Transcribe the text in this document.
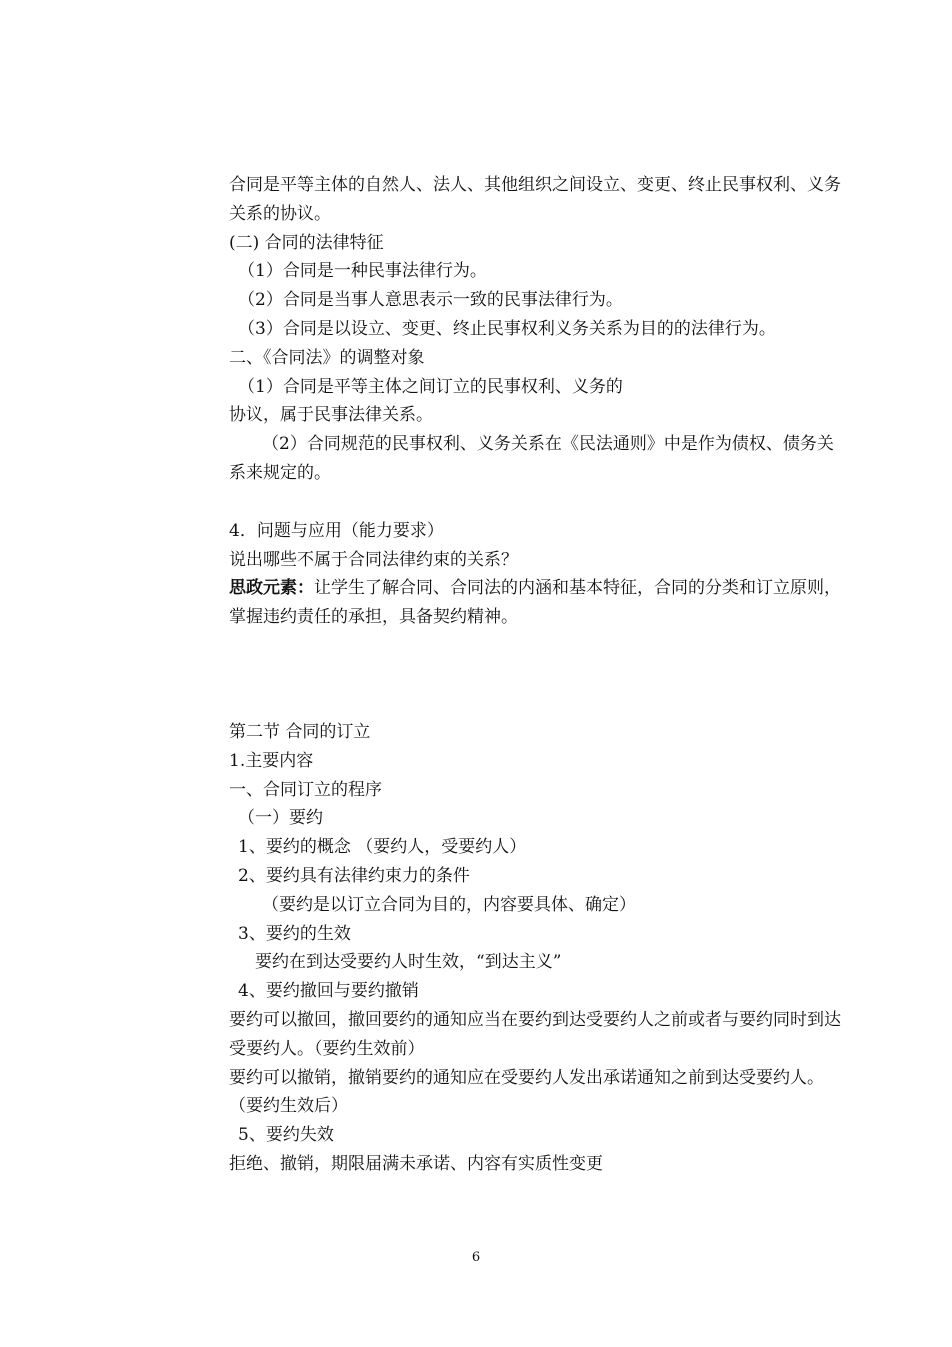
合同是平等主体的自然人、法人、其他组织之间设立、变更、终止民事权利、义务关系的协议。
(二) 合同的法律特征
（1）合同是一种民事法律行为。
（2）合同是当事人意思表示一致的民事法律行为。
（3）合同是以设立、变更、终止民事权利义务关系为目的的法律行为。
二、《合同法》的调整对象
（1）合同是平等主体之间订立的民事权利、义务的
协议，属于民事法律关系。
（2）合同规范的民事权利、义务关系在《民法通则》中是作为债权、债务关系来规定的。
4．问题与应用（能力要求）
说出哪些不属于合同法律约束的关系？
思政元素：让学生了解合同、合同法的内涵和基本特征，合同的分类和订立原则，掌握违约责任的承担，具备契约精神。
第二节 合同的订立
1.主要内容
一、合同订立的程序
（一）要约
1、要约的概念 （要约人，受要约人）
2、要约具有法律约束力的条件
（要约是以订立合同为目的，内容要具体、确定）
3、要约的生效
要约在到达受要约人时生效，“到达主义”
4、要约撤回与要约撤销
要约可以撤回，撤回要约的通知应当在要约到达受要约人之前或者与要约同时到达受要约人。（要约生效前）
要约可以撤销，撤销要约的通知应在受要约人发出承诺通知之前到达受要约人。（要约生效后）
5、要约失效
拒绝、撤销，期限届满未承诺、内容有实质性变更
6
